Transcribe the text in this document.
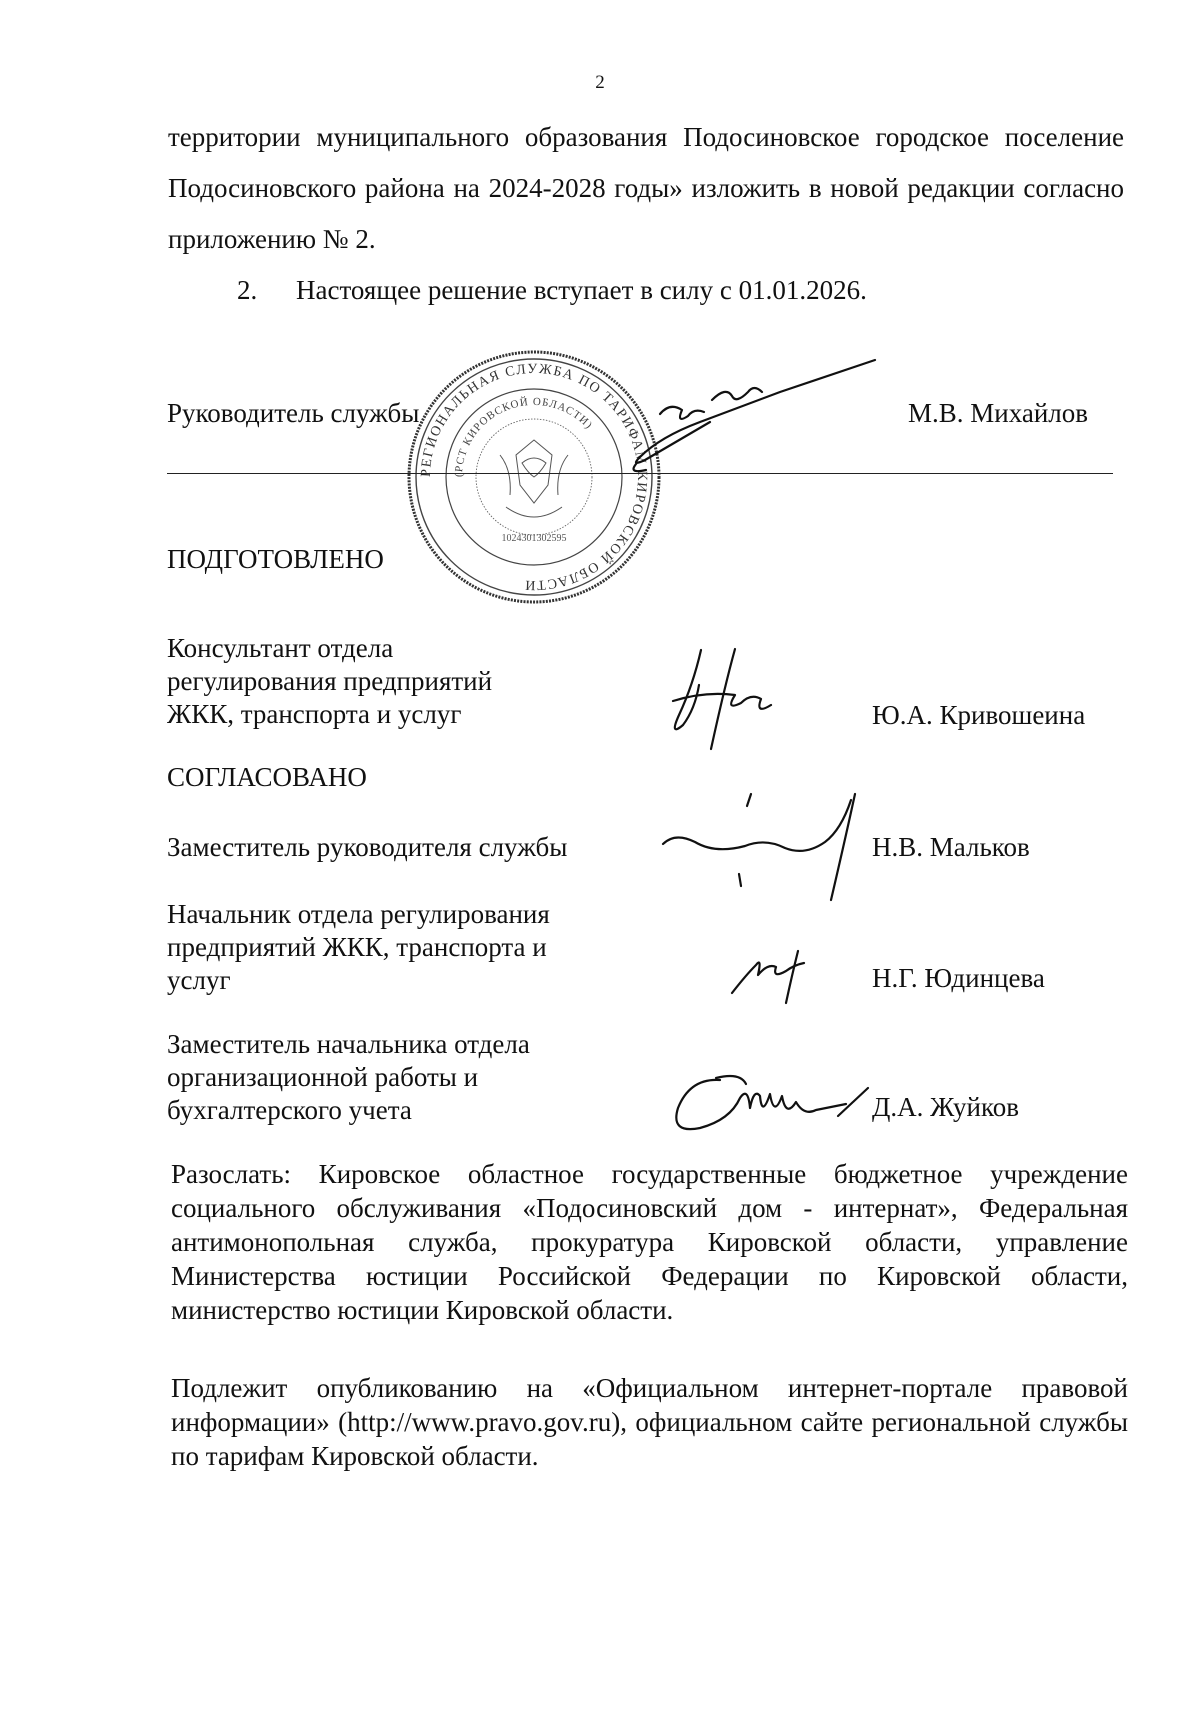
2
территории муниципального образования Подосиновское городское поселение Подосиновского района на 2024-2028 годы» изложить в новой редакции согласно приложению № 2.
2. Настоящее решение вступает в силу с 01.01.2026.
РЕГИОНАЛЬНАЯ СЛУЖБА ПО ТАРИФАМ КИРОВСКОЙ ОБЛАСТИ
(РСТ КИРОВСКОЙ ОБЛАСТИ)
1024301302595
Руководитель службы	М.В. Михайлов
ПОДГОТОВЛЕНО
Консультант отдела
регулирования предприятий
ЖКК, транспорта и услуг	Ю.А. Кривошеина
СОГЛАСОВАНО
Заместитель руководителя службы	Н.В. Мальков
Начальник отдела регулирования
предприятий ЖКК, транспорта и
услуг	Н.Г. Юдинцева
Заместитель начальника отдела
организационной работы и
бухгалтерского учета	Д.А. Жуйков
Разослать: Кировское областное государственные бюджетное учреждение социального обслуживания «Подосиновский дом - интернат», Федеральная антимонопольная служба, прокуратура Кировской области, управление Министерства юстиции Российской Федерации по Кировской области, министерство юстиции Кировской области.
Подлежит опубликованию на «Официальном интернет-портале правовой информации» (http://www.pravo.gov.ru), официальном сайте региональной службы по тарифам Кировской области.
